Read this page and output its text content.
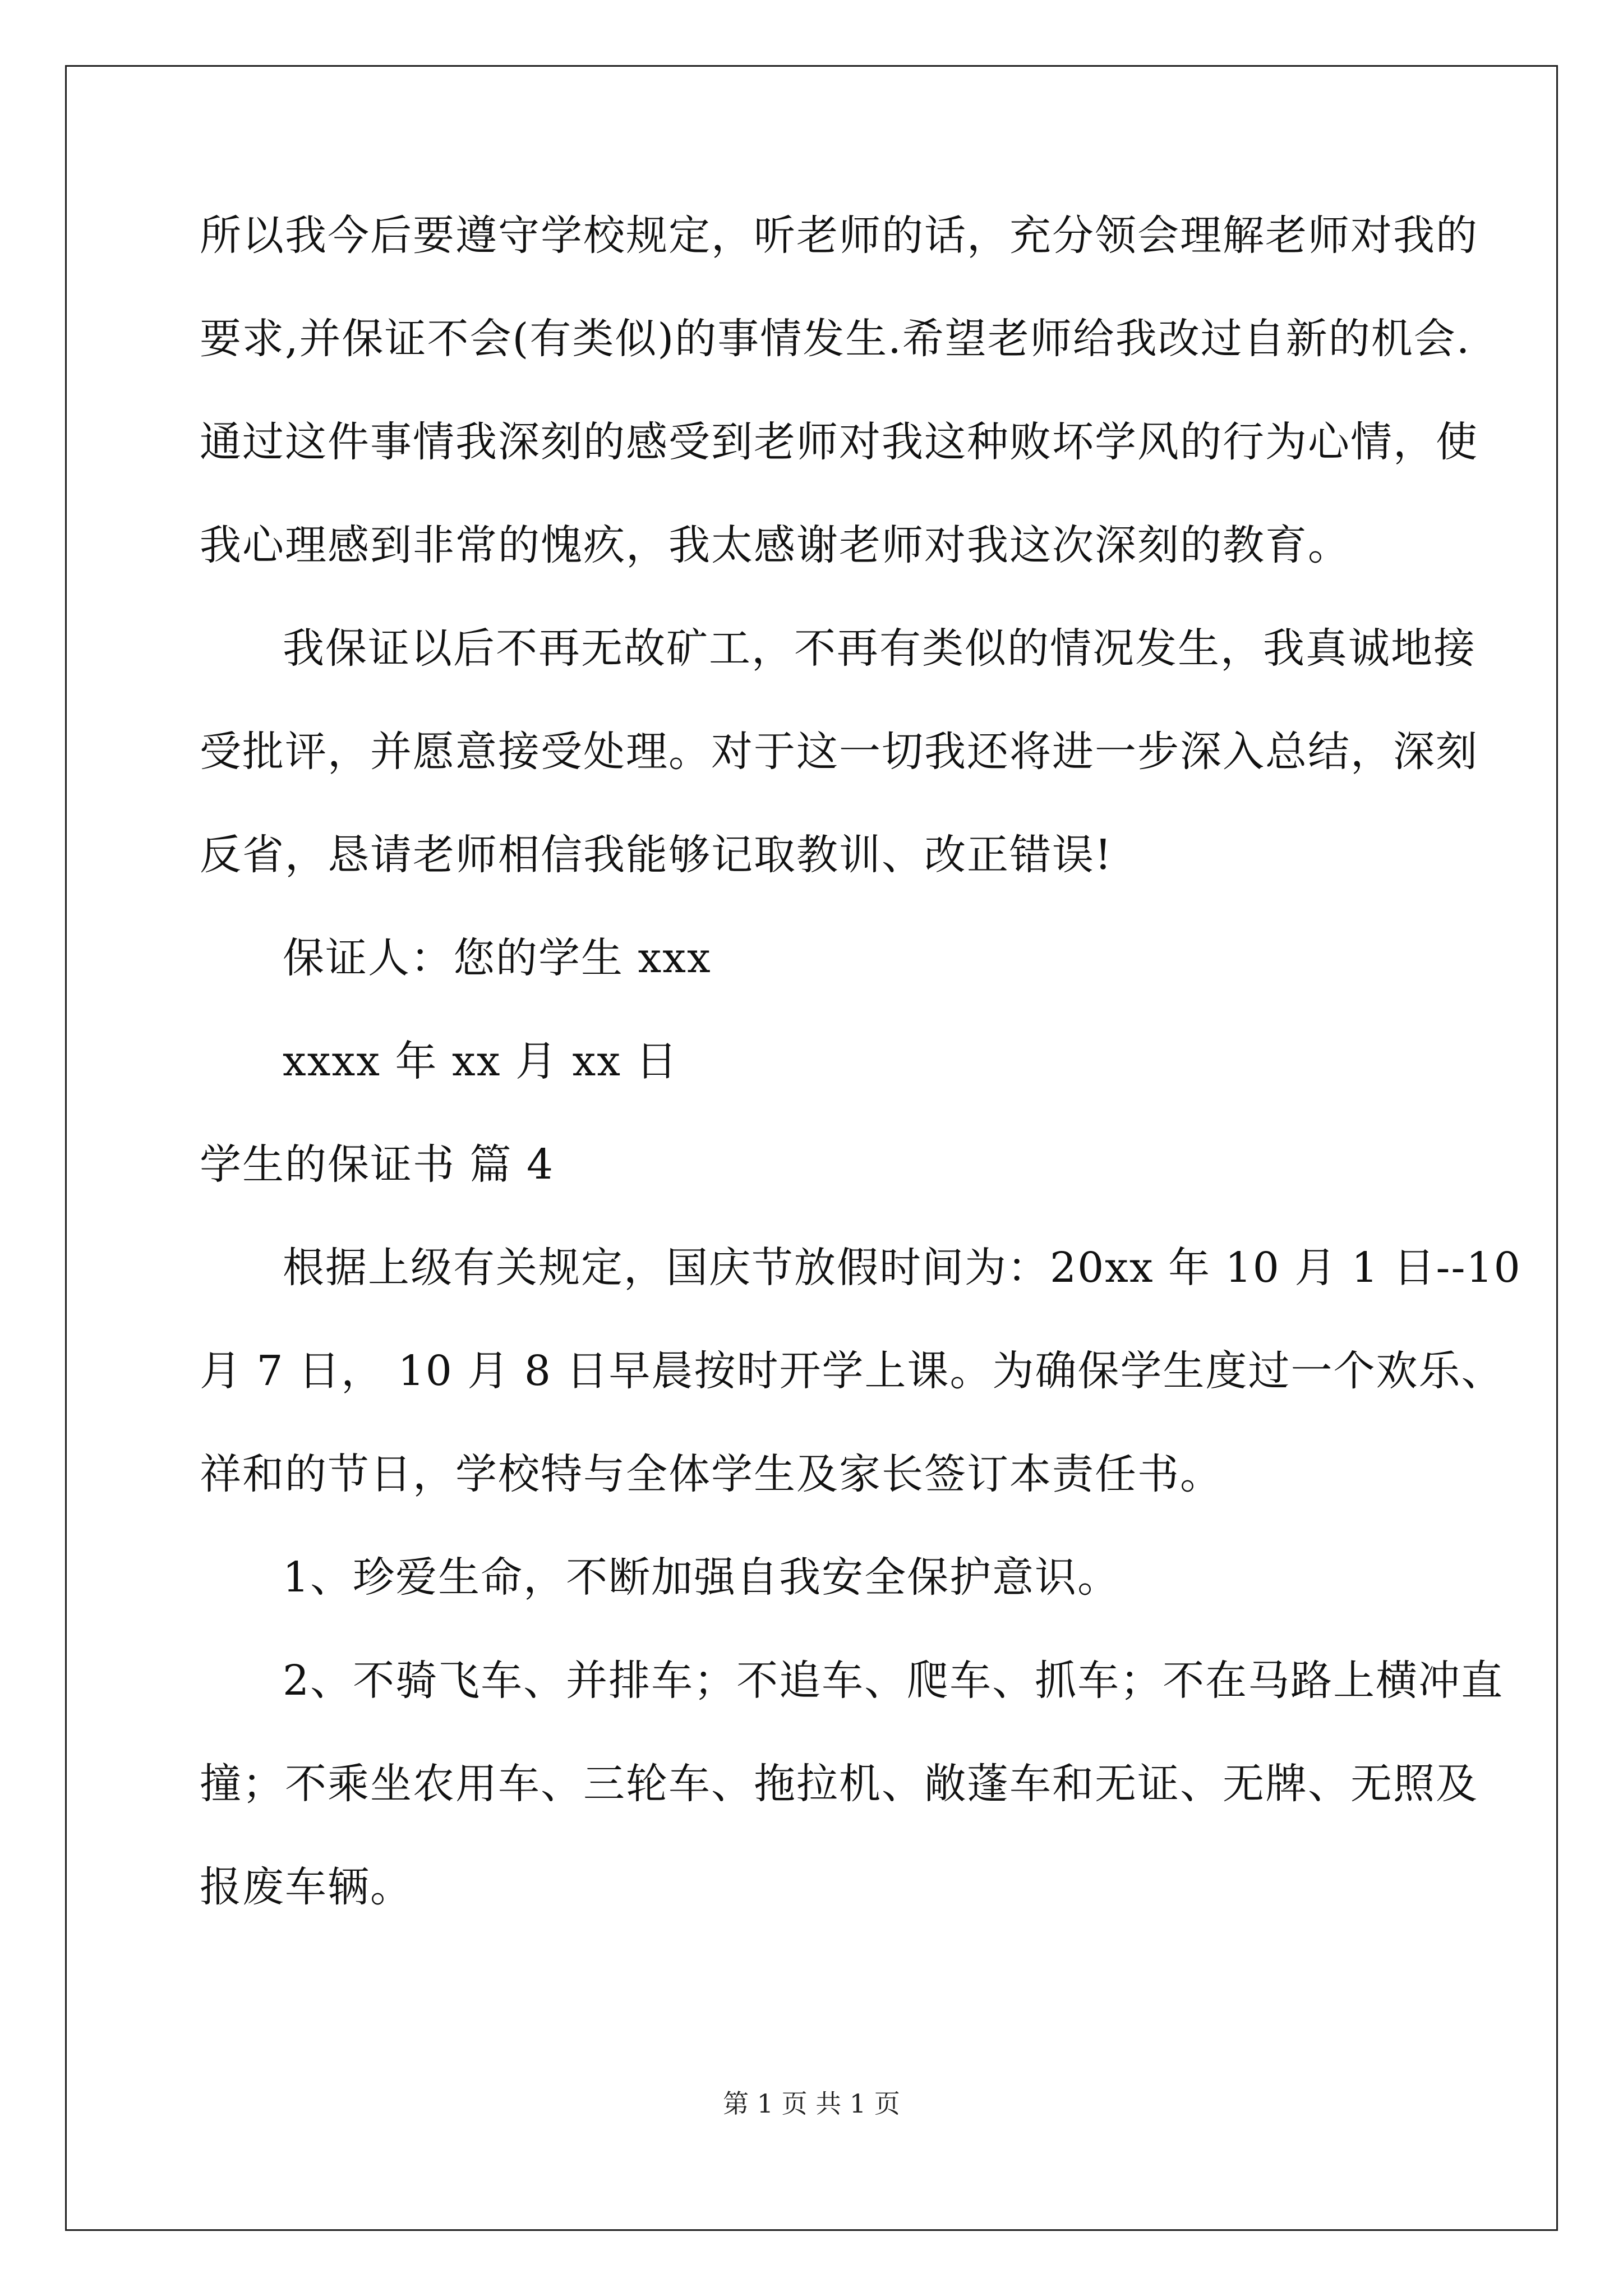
所以我今后要遵守学校规定，听老师的话，充分领会理解老师对我的
要求,并保证不会(有类似)的事情发生.希望老师给我改过自新的机会.
通过这件事情我深刻的感受到老师对我这种败坏学风的行为心情，使
我心理感到非常的愧疚，我太感谢老师对我这次深刻的教育。
我保证以后不再无故矿工，不再有类似的情况发生，我真诚地接
受批评，并愿意接受处理。对于这一切我还将进一步深入总结，深刻
反省，恳请老师相信我能够记取教训、改正错误!
保证人：您的学生 xxx
xxxx 年 xx 月 xx 日
学生的保证书 篇 4
根据上级有关规定，国庆节放假时间为：20xx 年 10 月 1 日--10
月 7 日， 10 月 8 日早晨按时开学上课。为确保学生度过一个欢乐、
祥和的节日，学校特与全体学生及家长签订本责任书。
1、珍爱生命，不断加强自我安全保护意识。
2、不骑飞车、并排车；不追车、爬车、抓车；不在马路上横冲直
撞；不乘坐农用车、三轮车、拖拉机、敞蓬车和无证、无牌、无照及
报废车辆。
第 1 页 共 1 页
